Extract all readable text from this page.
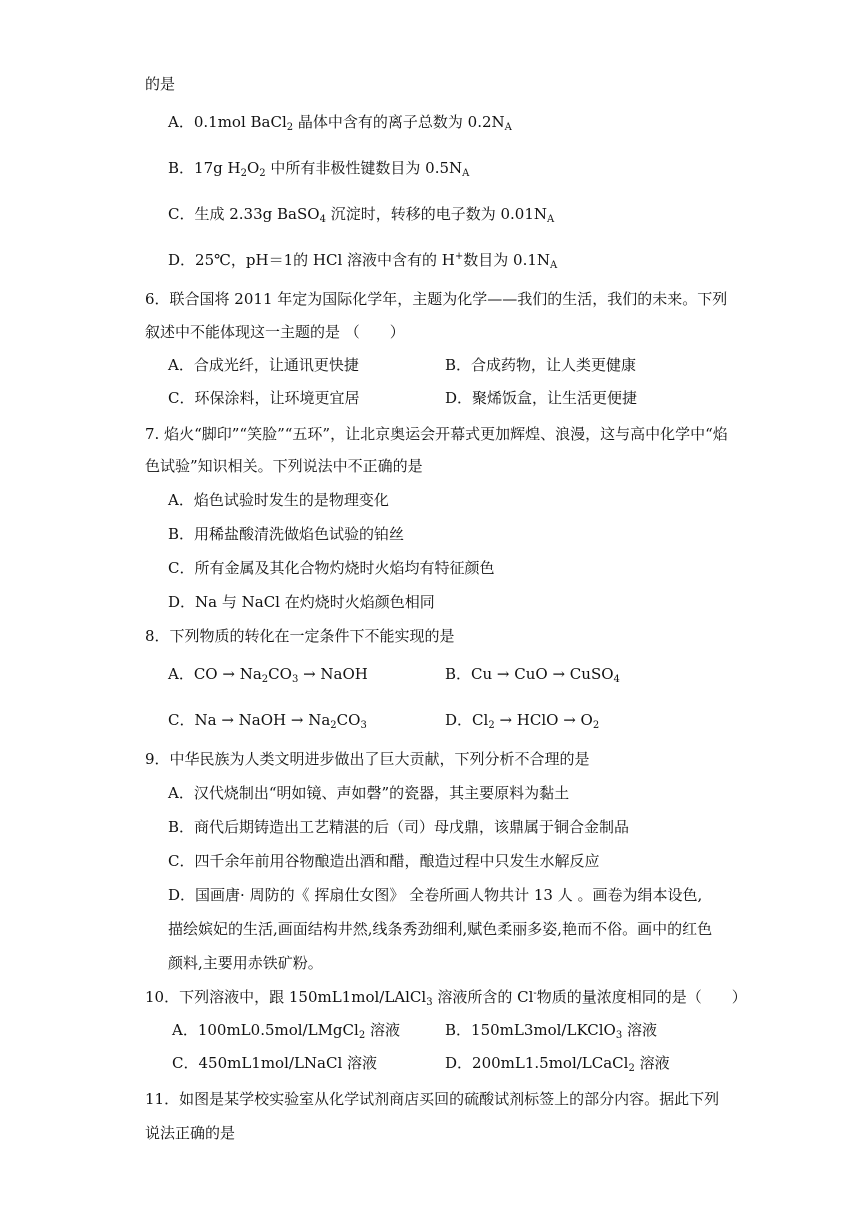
的是
A．0.1mol BaCl$_2$ 晶体中含有的离子总数为 $0.2N_A$
B．17g $H_2O_2$ 中所有非极性键数目为 $0.5N_A$
C．生成 2.33g BaSO$_4$ 沉淀时，转移的电子数为 $0.01N_A$
D．25℃，pH＝1的 HCl 溶液中含有的 H+数目为 $0.1N_A$
6．联合国将 2011 年定为国际化学年，主题为化学——我们的生活，我们的未来。下列
叙述中不能体现这一主题的是 （　　）
A．合成光纤，让通讯更快捷	B．合成药物，让人类更健康
C．环保涂料，让环境更宜居	D．聚烯饭盒，让生活更便捷
7. 焰火“脚印”“笑脸”“五环”，让北京奥运会开幕式更加辉煌、浪漫，这与高中化学中“焰
色试验”知识相关。下列说法中不正确的是
A．焰色试验时发生的是物理变化
B．用稀盐酸清洗做焰色试验的铂丝
C．所有金属及其化合物灼烧时火焰均有特征颜色
D．Na 与 NaCl 在灼烧时火焰颜色相同
8．下列物质的转化在一定条件下不能实现的是
A．CO → $Na_2CO_3$ → NaOH	B．Cu → CuO → CuSO$_4$
C．Na → NaOH → $Na_2CO_3$	D．$Cl_2$ → HClO → $O_2$
9．中华民族为人类文明进步做出了巨大贡献，下列分析不合理的是
A．汉代烧制出“明如镜、声如磬”的瓷器，其主要原料为黏土
B．商代后期铸造出工艺精湛的后（司）母戊鼎，该鼎属于铜合金制品
C．四千余年前用谷物酿造出酒和醋，酿造过程中只发生水解反应
D．国画唐· 周防的《 挥扇仕女图》 全卷所画人物共计 13 人 。画卷为绢本设色,
描绘嫔妃的生活,画面结构井然,线条秀劲细利,赋色柔丽多姿,艳而不俗。画中的红色
颜料,主要用赤铁矿粉。
10．下列溶液中，跟 150mL1mol/LAlCl$_3$ 溶液所含的 Cl-物质的量浓度相同的是（　　）
A．100mL0.5mol/LMgCl$_2$ 溶液	B．150mL3mol/LKClO$_3$ 溶液
C．450mL1mol/LNaCl 溶液	D．200mL1.5mol/LCaCl$_2$ 溶液
11．如图是某学校实验室从化学试剂商店买回的硫酸试剂标签上的部分内容。据此下列
说法正确的是
